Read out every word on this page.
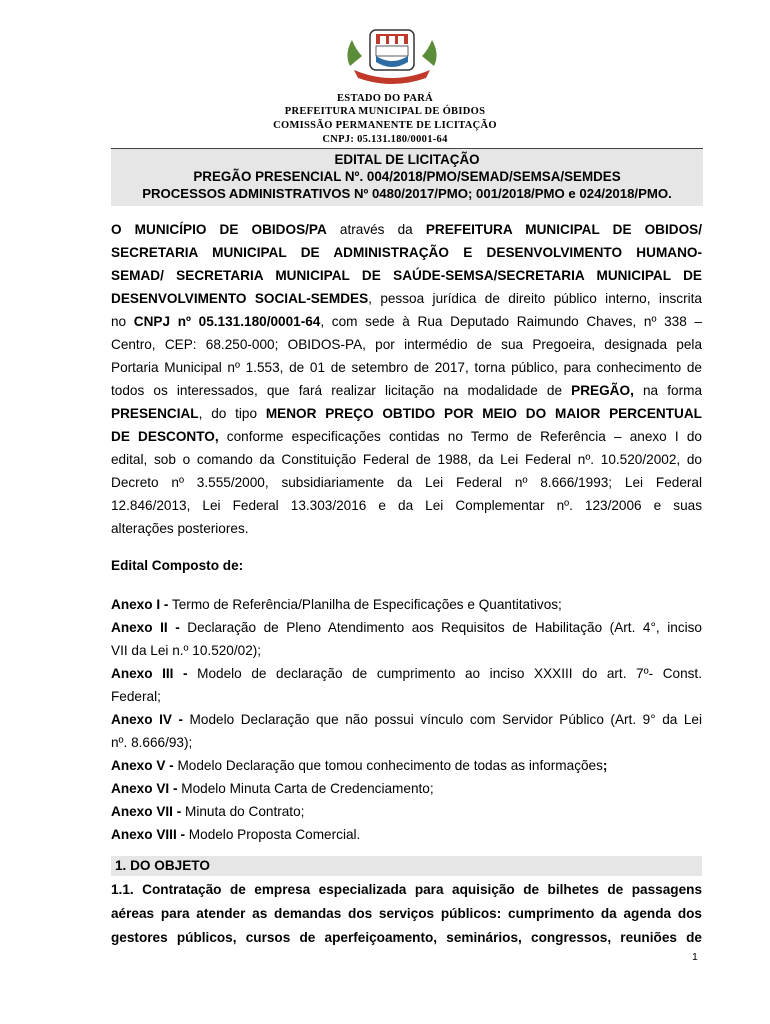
ESTADO DO PARÁ
PREFEITURA MUNICIPAL DE ÓBIDOS
COMISSÃO PERMANENTE DE LICITAÇÃO
CNPJ: 05.131.180/0001-64
EDITAL DE LICITAÇÃO
PREGÃO PRESENCIAL Nº. 004/2018/PMO/SEMAD/SEMSA/SEMDES
PROCESSOS ADMINISTRATIVOS Nº 0480/2017/PMO; 001/2018/PMO e 024/2018/PMO.
O MUNICÍPIO DE OBIDOS/PA através da PREFEITURA MUNICIPAL DE OBIDOS/
SECRETARIA MUNICIPAL DE ADMINISTRAÇÃO E DESENVOLVIMENTO HUMANO-
SEMAD/ SECRETARIA MUNICIPAL DE SAÚDE-SEMSA/SECRETARIA MUNICIPAL DE
DESENVOLVIMENTO SOCIAL-SEMDES, pessoa jurídica de direito público interno, inscrita
no CNPJ nº 05.131.180/0001-64, com sede à Rua Deputado Raimundo Chaves, nº 338 –
Centro, CEP: 68.250-000; OBIDOS-PA, por intermédio de sua Pregoeira, designada pela
Portaria Municipal nº 1.553, de 01 de setembro de 2017, torna público, para conhecimento de
todos os interessados, que fará realizar licitação na modalidade de PREGÃO, na forma
PRESENCIAL, do tipo MENOR PREÇO OBTIDO POR MEIO DO MAIOR PERCENTUAL
DE DESCONTO, conforme especificações contidas no Termo de Referência – anexo I do
edital, sob o comando da Constituição Federal de 1988, da Lei Federal nº. 10.520/2002, do
Decreto nº 3.555/2000, subsidiariamente da Lei Federal nº 8.666/1993; Lei Federal
12.846/2013, Lei Federal 13.303/2016 e da Lei Complementar nº. 123/2006 e suas
alterações posteriores.
Edital Composto de:
Anexo I - Termo de Referência/Planilha de Especificações e Quantitativos;
Anexo II - Declaração de Pleno Atendimento aos Requisitos de Habilitação (Art. 4°, inciso
VII da Lei n.º 10.520/02);
Anexo III - Modelo de declaração de cumprimento ao inciso XXXIII do art. 7º- Const.
Federal;
Anexo IV - Modelo Declaração que não possui vínculo com Servidor Público (Art. 9° da Lei
nº. 8.666/93);
Anexo V - Modelo Declaração que tomou conhecimento de todas as informações;
Anexo VI - Modelo Minuta Carta de Credenciamento;
Anexo VII - Minuta do Contrato;
Anexo VIII - Modelo Proposta Comercial.
1. DO OBJETO
1.1. Contratação de empresa especializada para aquisição de bilhetes de passagens
aéreas para atender as demandas dos serviços públicos: cumprimento da agenda dos
gestores públicos, cursos de aperfeiçoamento, seminários, congressos, reuniões de
1
